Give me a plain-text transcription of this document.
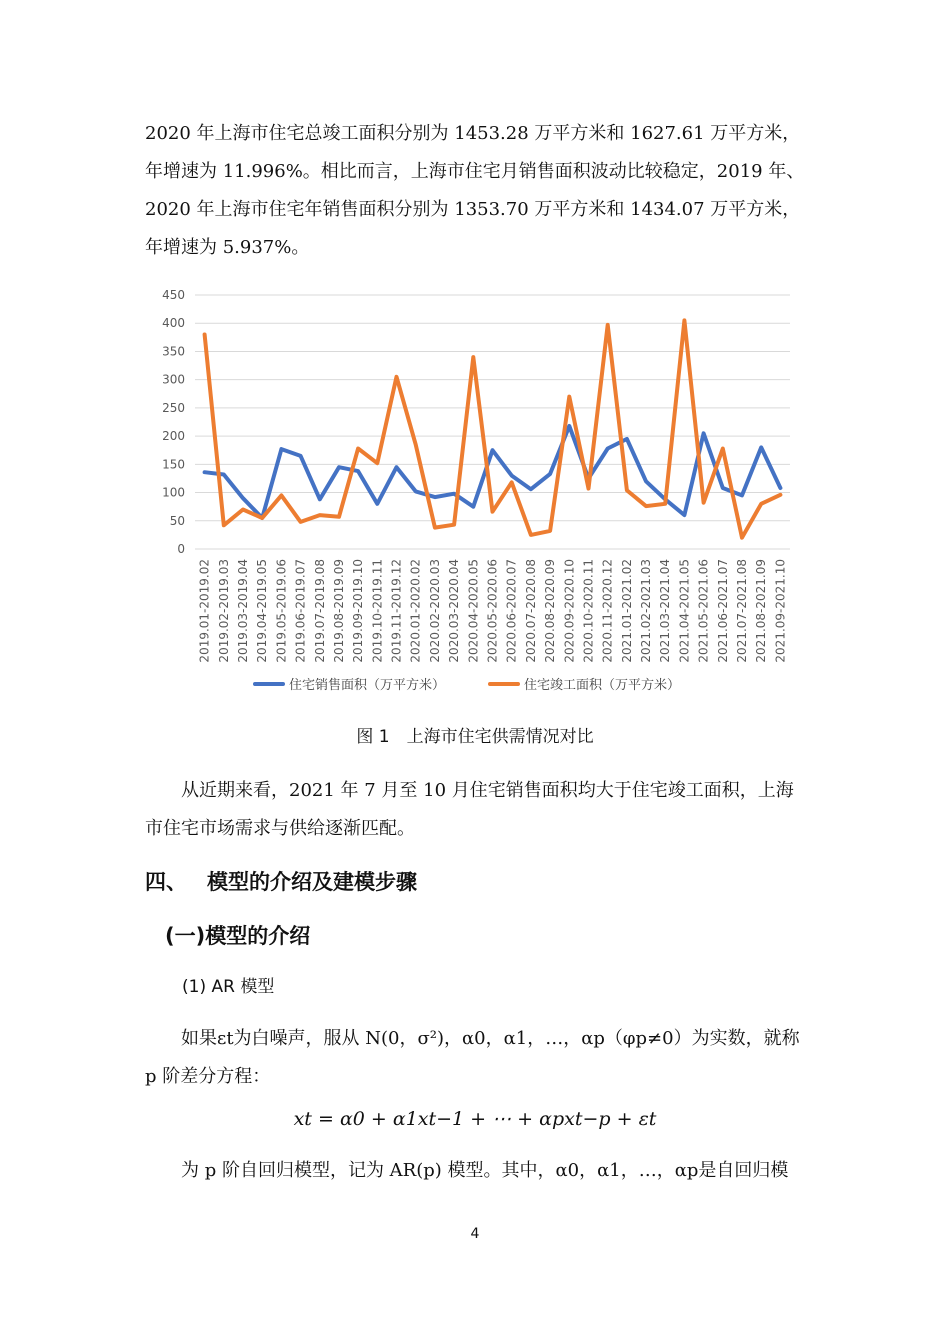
2020 年上海市住宅总竣工面积分别为 1453.28 万平方米和 1627.61 万平方米，年增速为 11.996%。相比而言，上海市住宅月销售面积波动比较稳定，2019 年、2020 年上海市住宅年销售面积分别为 1353.70 万平方米和 1434.07 万平方米，年增速为 5.937%。

0
50
100
150
200
250
300
350
400
450
2019.01-2019.02 2019.02-2019.03 2019.03-2019.04 2019.04-2019.05 2019.05-2019.06 2019.06-2019.07 2019.07-2019.08 2019.08-2019.09 2019.09-2019.10 2019.10-2019.11 2019.11-2019.12 2020.01-2020.02 2020.02-2020.03 2020.03-2020.04 2020.04-2020.05 2020.05-2020.06 2020.06-2020.07 2020.07-2020.08 2020.08-2020.09 2020.09-2020.10 2020.10-2020.11 2020.11-2020.12 2021.01-2021.02 2021.02-2021.03 2021.03-2021.04 2021.04-2021.05 2021.05-2021.06 2021.06-2021.07 2021.07-2021.08 2021.08-2021.09 2021.09-2021.10
住宅销售面积（万平方米）	住宅竣工面积（万平方米）
图 1　上海市住宅供需情况对比

从近期来看，2021 年 7 月至 10 月住宅销售面积均大于住宅竣工面积，上海市住宅市场需求与供给逐渐匹配。

四、 模型的介绍及建模步骤
(一)模型的介绍
(1) AR 模型

如果εt为白噪声，服从 N(0，σ²)，α0，α1，…，αp（φp≠0）为实数，就称 p 阶差分方程：

xt = α0 + α1xt−1 + ⋯ + αpxt−p + εt

为 p 阶自回归模型，记为 AR(p) 模型。其中，α0，α1，…，αp是自回归模

4
